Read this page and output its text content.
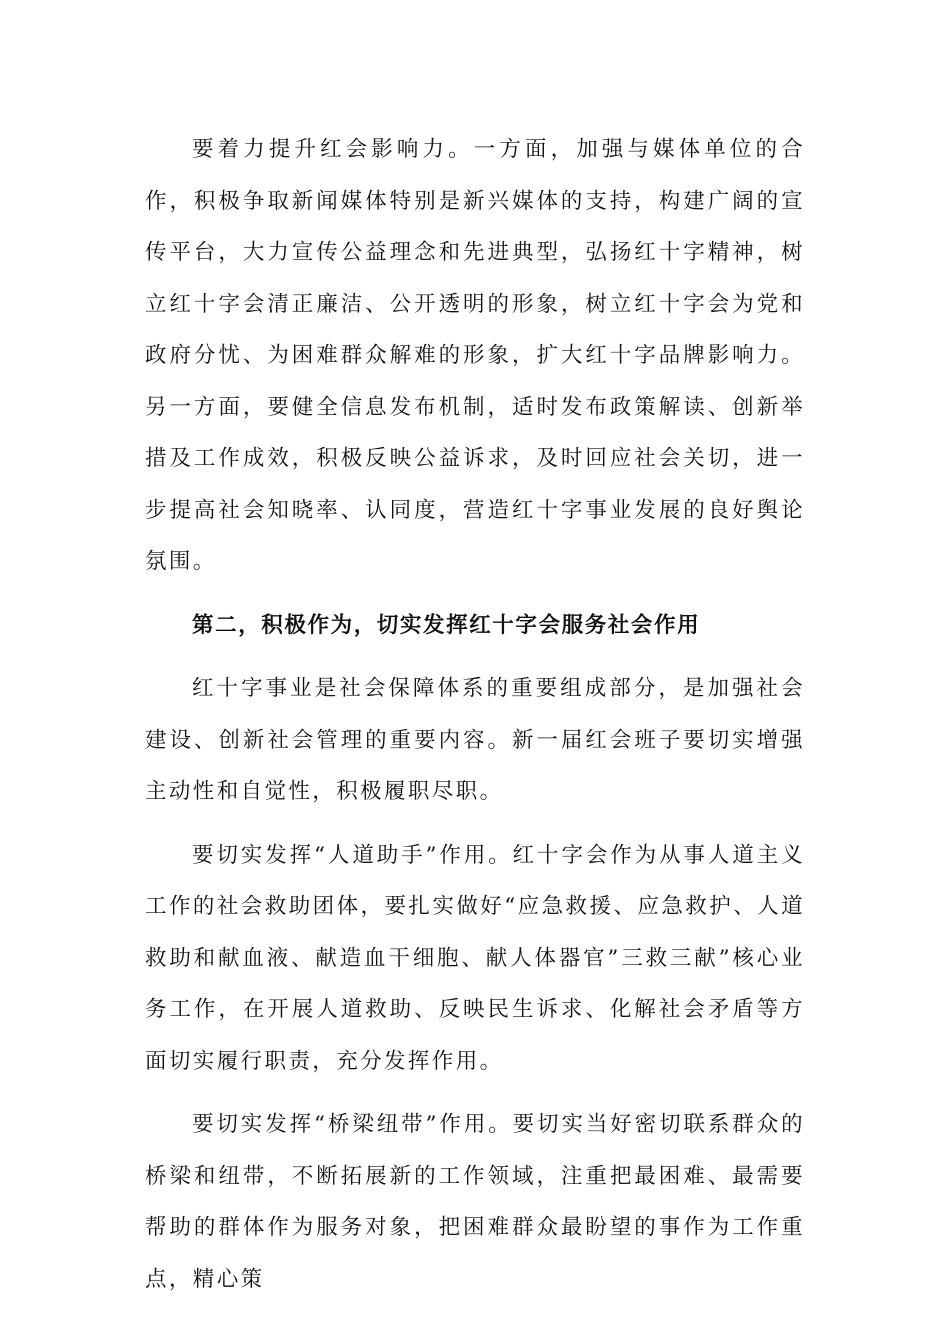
要着力提升红会影响力。一方面，加强与媒体单位的合作，积极争取新闻媒体特别是新兴媒体的支持，构建广阔的宣传平台，大力宣传公益理念和先进典型，弘扬红十字精神，树立红十字会清正廉洁、公开透明的形象，树立红十字会为党和政府分忧、为困难群众解难的形象，扩大红十字品牌影响力。另一方面，要健全信息发布机制，适时发布政策解读、创新举措及工作成效，积极反映公益诉求，及时回应社会关切，进一步提高社会知晓率、认同度，营造红十字事业发展的良好舆论氛围。

第二，积极作为，切实发挥红十字会服务社会作用

红十字事业是社会保障体系的重要组成部分，是加强社会建设、创新社会管理的重要内容。新一届红会班子要切实增强主动性和自觉性，积极履职尽职。

要切实发挥“人道助手”作用。红十字会作为从事人道主义工作的社会救助团体，要扎实做好“应急救援、应急救护、人道救助和献血液、献造血干细胞、献人体器官”三救三献”核心业务工作，在开展人道救助、反映民生诉求、化解社会矛盾等方面切实履行职责，充分发挥作用。

要切实发挥“桥梁纽带”作用。要切实当好密切联系群众的桥梁和纽带，不断拓展新的工作领域，注重把最困难、最需要帮助的群体作为服务对象，把困难群众最盼望的事作为工作重点，精心策
